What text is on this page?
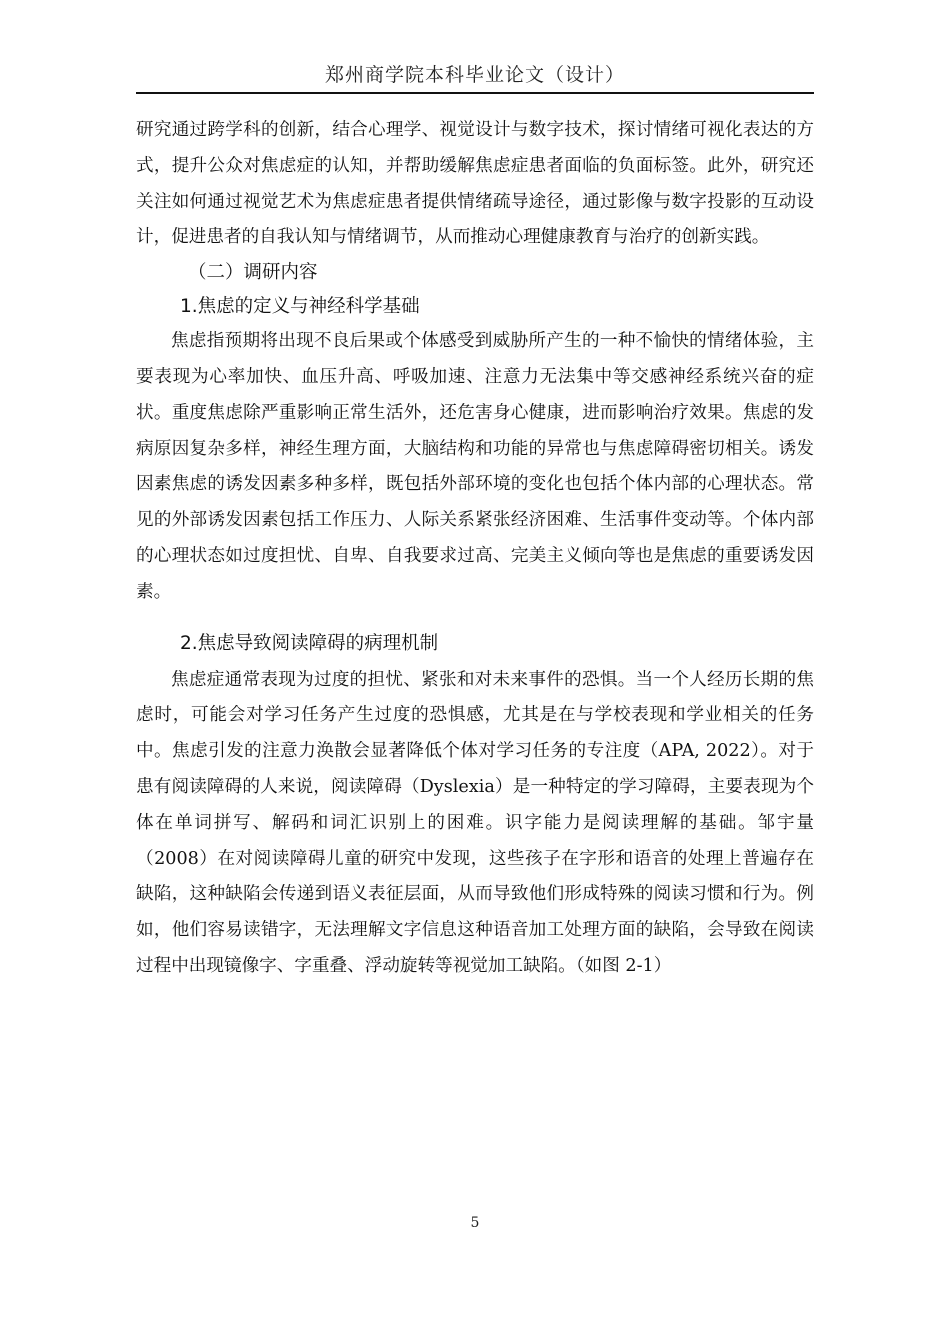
郑州商学院本科毕业论文（设计）

研究通过跨学科的创新，结合心理学、视觉设计与数字技术，探讨情绪可视化表达的方式，提升公众对焦虑症的认知，并帮助缓解焦虑症患者面临的负面标签。此外，研究还关注如何通过视觉艺术为焦虑症患者提供情绪疏导途径，通过影像与数字投影的互动设计，促进患者的自我认知与情绪调节，从而推动心理健康教育与治疗的创新实践。

（二）调研内容
1.焦虑的定义与神经科学基础

焦虑指预期将出现不良后果或个体感受到威胁所产生的一种不愉快的情绪体验，主要表现为心率加快、血压升高、呼吸加速、注意力无法集中等交感神经系统兴奋的症状。重度焦虑除严重影响正常生活外，还危害身心健康，进而影响治疗效果。焦虑的发病原因复杂多样，神经生理方面，大脑结构和功能的异常也与焦虑障碍密切相关。诱发因素焦虑的诱发因素多种多样，既包括外部环境的变化也包括个体内部的心理状态。常见的外部诱发因素包括工作压力、人际关系紧张经济困难、生活事件变动等。个体内部的心理状态如过度担忧、自卑、自我要求过高、完美主义倾向等也是焦虑的重要诱发因素。

2.焦虑导致阅读障碍的病理机制

焦虑症通常表现为过度的担忧、紧张和对未来事件的恐惧。当一个人经历长期的焦虑时，可能会对学习任务产生过度的恐惧感，尤其是在与学校表现和学业相关的任务中。焦虑引发的注意力涣散会显著降低个体对学习任务的专注度（APA, 2022）。对于患有阅读障碍的人来说，阅读障碍（Dyslexia）是一种特定的学习障碍，主要表现为个体在单词拼写、解码和词汇识别上的困难。识字能力是阅读理解的基础。邹宇量（2008）在对阅读障碍儿童的研究中发现，这些孩子在字形和语音的处理上普遍存在缺陷，这种缺陷会传递到语义表征层面，从而导致他们形成特殊的阅读习惯和行为。例如，他们容易读错字，无法理解文字信息这种语音加工处理方面的缺陷，会导致在阅读过程中出现镜像字、字重叠、浮动旋转等视觉加工缺陷。（如图 2-1）

5
